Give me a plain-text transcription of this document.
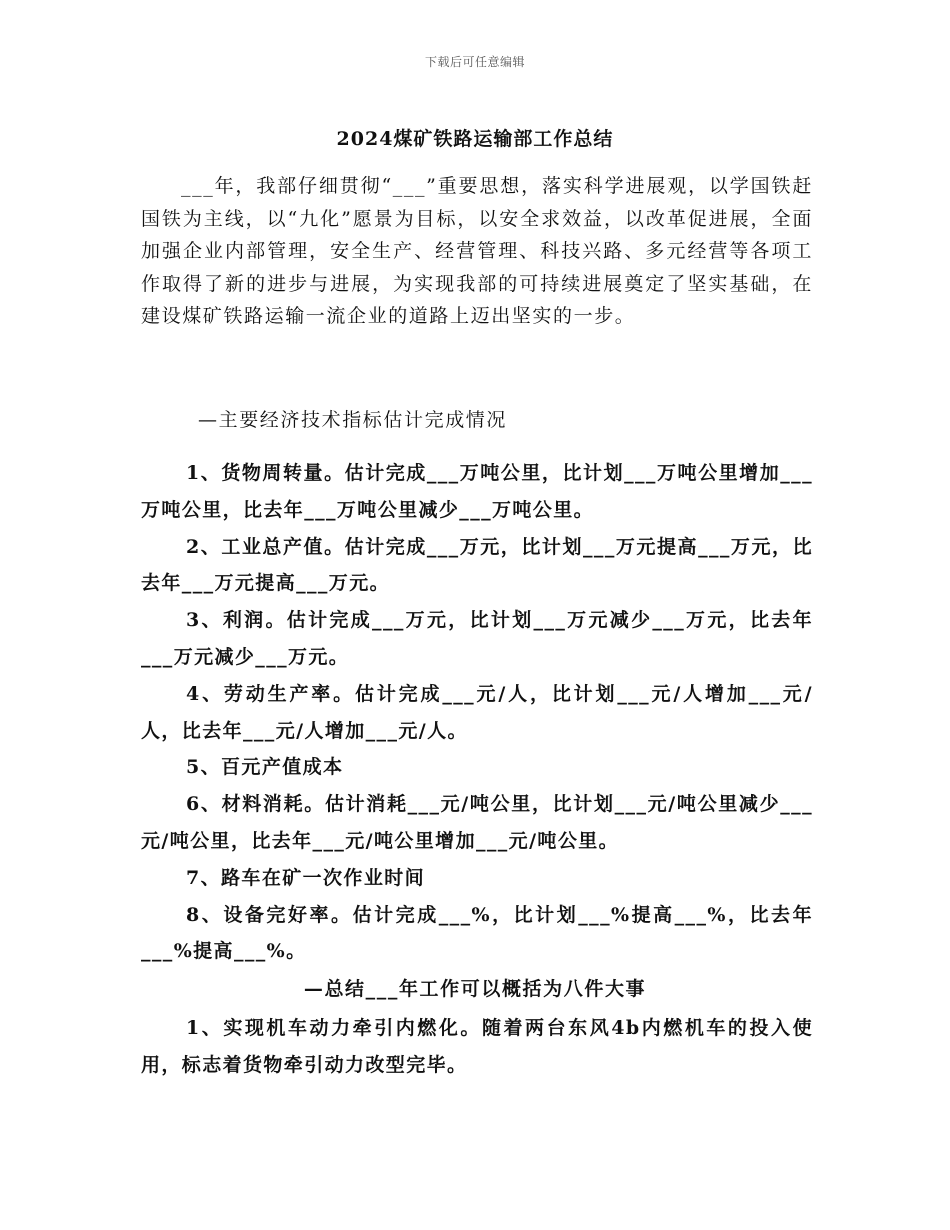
下载后可任意编辑
2024煤矿铁路运输部工作总结

___年，我部仔细贯彻“___”重要思想，落实科学进展观，以学国铁赶国铁为主线，以“九化”愿景为目标，以安全求效益，以改革促进展，全面加强企业内部管理，安全生产、经营管理、科技兴路、多元经营等各项工作取得了新的进步与进展，为实现我部的可持续进展奠定了坚实基础，在建设煤矿铁路运输一流企业的道路上迈出坚实的一步。

—主要经济技术指标估计完成情况

1、货物周转量。估计完成___万吨公里，比计划___万吨公里增加___万吨公里，比去年___万吨公里减少___万吨公里。

2、工业总产值。估计完成___万元，比计划___万元提高___万元，比去年___万元提高___万元。

3、利润。估计完成___万元，比计划___万元减少___万元，比去年___万元减少___万元。

4、劳动生产率。估计完成___元/人，比计划___元/人增加___元/人，比去年___元/人增加___元/人。

5、百元产值成本

6、材料消耗。估计消耗___元/吨公里，比计划___元/吨公里减少___元/吨公里，比去年___元/吨公里增加___元/吨公里。

7、路车在矿一次作业时间

8、设备完好率。估计完成___%，比计划___%提高___%，比去年___%提高___%。

—总结___年工作可以概括为八件大事

1、实现机车动力牵引内燃化。随着两台东风4b内燃机车的投入使用，标志着货物牵引动力改型完毕。
